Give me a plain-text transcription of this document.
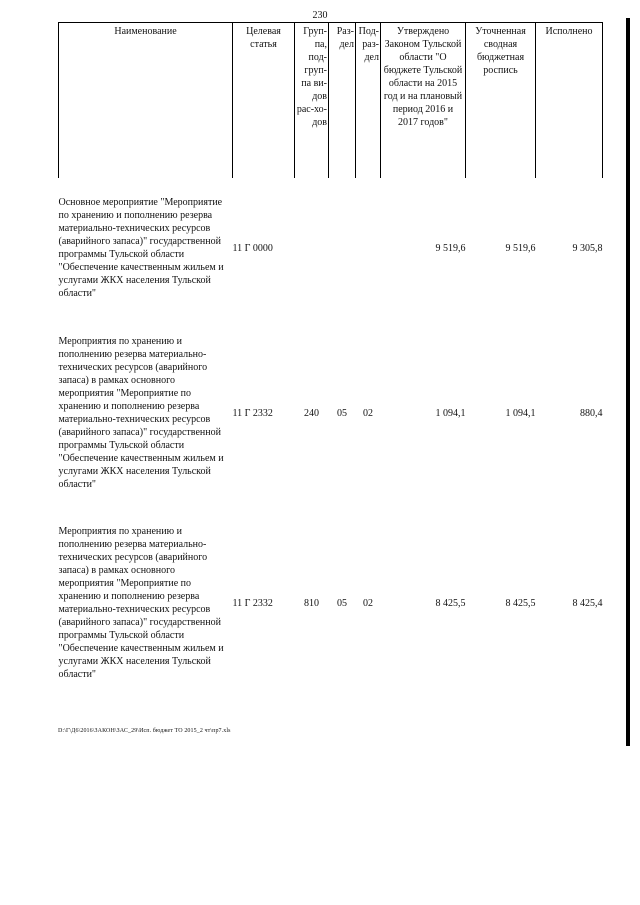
230
Наименование	Целевая статья	Груп-па, под-груп-па ви-дов рас-хо-дов	Раз-дел	Под-раз-дел	Утверждено Законом Тульской области "О бюджете Тульской области на 2015 год и на плановый период 2016 и 2017 годов"	Уточненная сводная бюджетная роспись	Исполнено
Основное мероприятие "Мероприятие по хранению и пополнению резерва материально-технических ресурсов (аварийного запаса)" государственной программы Тульской области "Обеспечение качественным жильем и услугами ЖКХ населения Тульской области"	11 Г 0000				9 519,6	9 519,6	9 305,8
Мероприятия по хранению и пополнению резерва материально-технических ресурсов (аварийного запаса) в рамках основного мероприятия "Мероприятие по хранению и пополнению резерва материально-технических ресурсов (аварийного запаса)" государственной программы Тульской области "Обеспечение качественным жильем и услугами ЖКХ населения Тульской области"	11 Г 2332	240	05	02	1 094,1	1 094,1	880,4
Мероприятия по хранению и пополнению резерва материально-технических ресурсов (аварийного запаса) в рамках основного мероприятия "Мероприятие по хранению и пополнению резерва материально-технических ресурсов (аварийного запаса)" государственной программы Тульской области "Обеспечение качественным жильем и услугами ЖКХ населения Тульской области"	11 Г 2332	810	05	02	8 425,5	8 425,5	8 425,4
D:\Г\Д6\2016\ЗАКОН\ЗАС_29\Исп. бюджет ТО 2015_2 чт\пр7.xls
